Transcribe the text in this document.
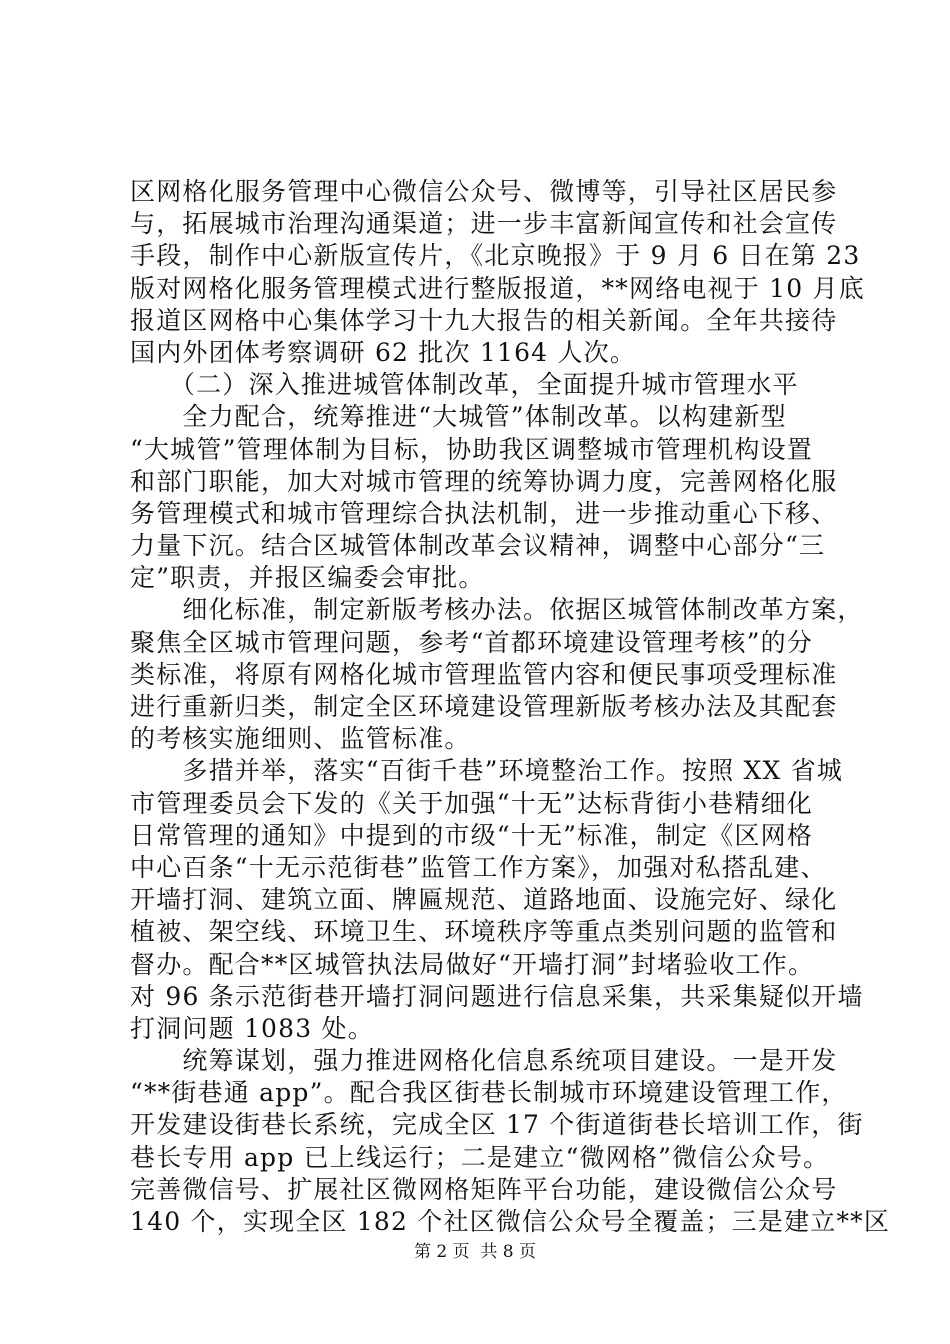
区网格化服务管理中心微信公众号、微博等，引导社区居民参
与，拓展城市治理沟通渠道；进一步丰富新闻宣传和社会宣传
手段，制作中心新版宣传片，《北京晚报》于 9 月 6 日在第 23
版对网格化服务管理模式进行整版报道，**网络电视于 10 月底
报道区网格中心集体学习十九大报告的相关新闻。全年共接待
国内外团体考察调研 62 批次 1164 人次。
　　（二）深入推进城管体制改革，全面提升城市管理水平
　　全力配合，统筹推进“大城管”体制改革。以构建新型
“大城管”管理体制为目标，协助我区调整城市管理机构设置
和部门职能，加大对城市管理的统筹协调力度，完善网格化服
务管理模式和城市管理综合执法机制，进一步推动重心下移、
力量下沉。结合区城管体制改革会议精神，调整中心部分“三
定”职责，并报区编委会审批。
　　细化标准，制定新版考核办法。依据区城管体制改革方案，
聚焦全区城市管理问题，参考“首都环境建设管理考核”的分
类标准，将原有网格化城市管理监管内容和便民事项受理标准
进行重新归类，制定全区环境建设管理新版考核办法及其配套
的考核实施细则、监管标准。
　　多措并举，落实“百街千巷”环境整治工作。按照 XX 省城
市管理委员会下发的《关于加强“十无”达标背街小巷精细化
日常管理的通知》中提到的市级“十无”标准，制定《区网格
中心百条“十无示范街巷”监管工作方案》，加强对私搭乱建、
开墙打洞、建筑立面、牌匾规范、道路地面、设施完好、绿化
植被、架空线、环境卫生、环境秩序等重点类别问题的监管和
督办。配合**区城管执法局做好“开墙打洞”封堵验收工作。
对 96 条示范街巷开墙打洞问题进行信息采集，共采集疑似开墙
打洞问题 1083 处。
　　统筹谋划，强力推进网格化信息系统项目建设。一是开发
“**街巷通 app”。配合我区街巷长制城市环境建设管理工作，
开发建设街巷长系统，完成全区 17 个街道街巷长培训工作，街
巷长专用 app 已上线运行；二是建立“微网格”微信公众号。
完善微信号、扩展社区微网格矩阵平台功能，建设微信公众号
140 个，实现全区 182 个社区微信公众号全覆盖；三是建立**区
第 2 页  共 8 页
